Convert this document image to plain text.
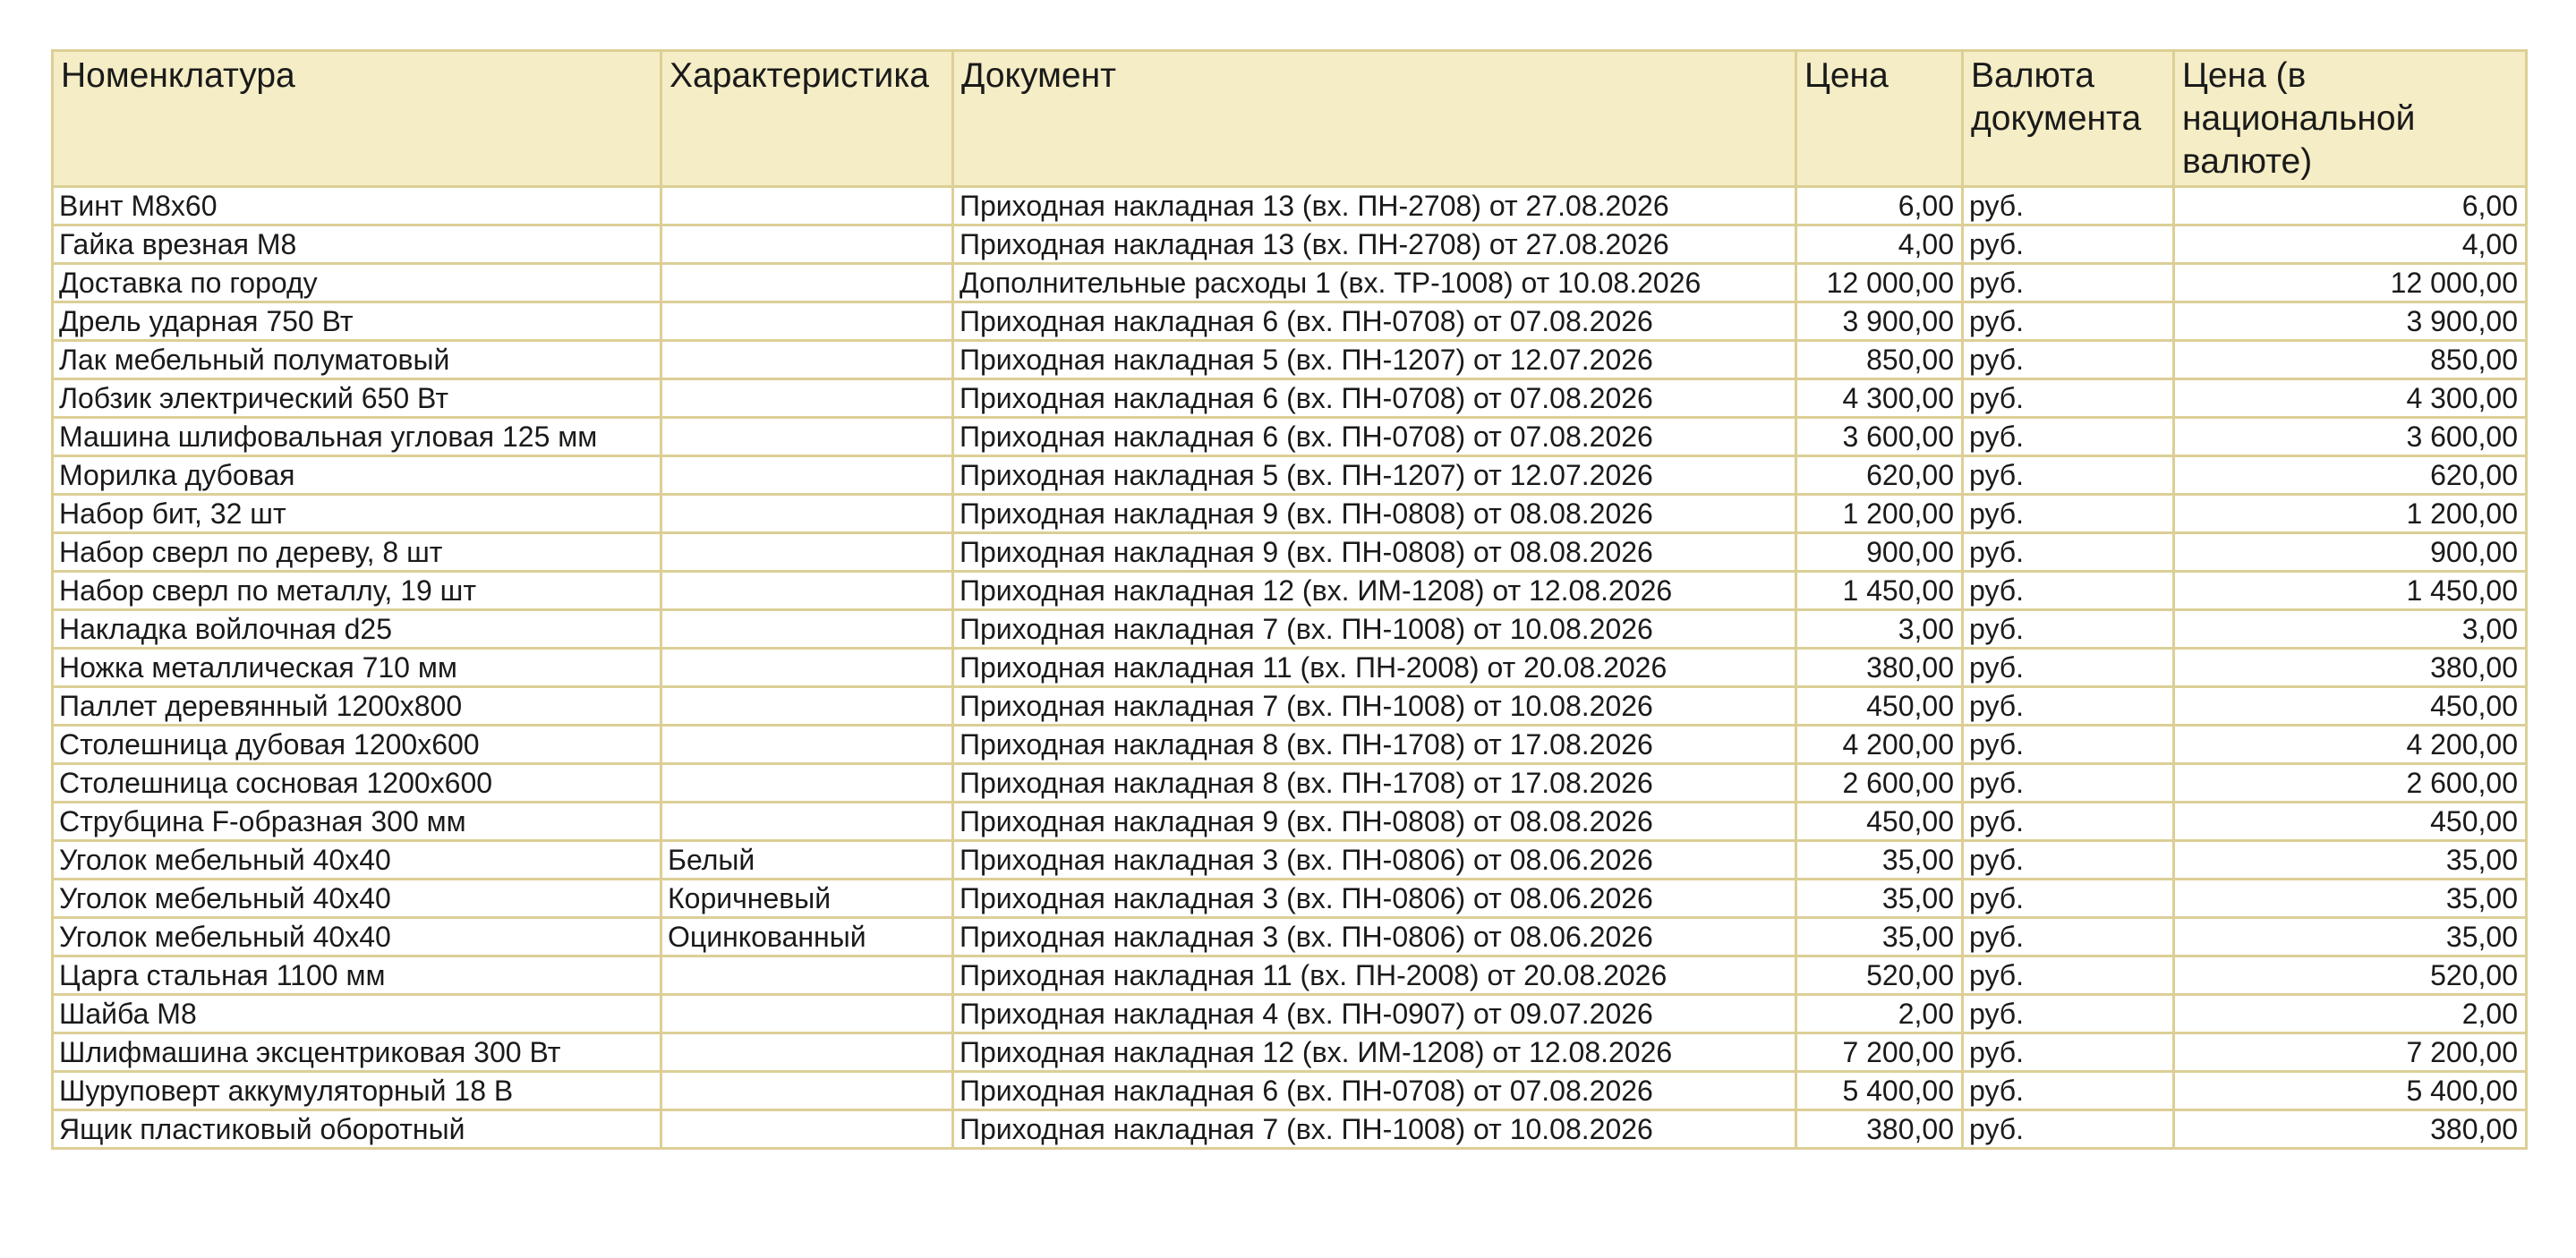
Номенклатура	Характеристика	Документ	Цена	Валюта документа	Цена (в национальной валюте)
Винт М8х60		Приходная накладная 13 (вх. ПН-2708) от 27.08.2026	6,00	руб.	6,00
Гайка врезная М8		Приходная накладная 13 (вх. ПН-2708) от 27.08.2026	4,00	руб.	4,00
Доставка по городу		Дополнительные расходы 1 (вх. ТР-1008) от 10.08.2026	12 000,00	руб.	12 000,00
Дрель ударная 750 Вт		Приходная накладная 6 (вх. ПН-0708) от 07.08.2026	3 900,00	руб.	3 900,00
Лак мебельный полуматовый		Приходная накладная 5 (вх. ПН-1207) от 12.07.2026	850,00	руб.	850,00
Лобзик электрический 650 Вт		Приходная накладная 6 (вх. ПН-0708) от 07.08.2026	4 300,00	руб.	4 300,00
Машина шлифовальная угловая 125 мм		Приходная накладная 6 (вх. ПН-0708) от 07.08.2026	3 600,00	руб.	3 600,00
Морилка дубовая		Приходная накладная 5 (вх. ПН-1207) от 12.07.2026	620,00	руб.	620,00
Набор бит, 32 шт		Приходная накладная 9 (вх. ПН-0808) от 08.08.2026	1 200,00	руб.	1 200,00
Набор сверл по дереву, 8 шт		Приходная накладная 9 (вх. ПН-0808) от 08.08.2026	900,00	руб.	900,00
Набор сверл по металлу, 19 шт		Приходная накладная 12 (вх. ИМ-1208) от 12.08.2026	1 450,00	руб.	1 450,00
Накладка войлочная d25		Приходная накладная 7 (вх. ПН-1008) от 10.08.2026	3,00	руб.	3,00
Ножка металлическая 710 мм		Приходная накладная 11 (вх. ПН-2008) от 20.08.2026	380,00	руб.	380,00
Паллет деревянный 1200х800		Приходная накладная 7 (вх. ПН-1008) от 10.08.2026	450,00	руб.	450,00
Столешница дубовая 1200х600		Приходная накладная 8 (вх. ПН-1708) от 17.08.2026	4 200,00	руб.	4 200,00
Столешница сосновая 1200х600		Приходная накладная 8 (вх. ПН-1708) от 17.08.2026	2 600,00	руб.	2 600,00
Струбцина F-образная 300 мм		Приходная накладная 9 (вх. ПН-0808) от 08.08.2026	450,00	руб.	450,00
Уголок мебельный 40х40	Белый	Приходная накладная 3 (вх. ПН-0806) от 08.06.2026	35,00	руб.	35,00
Уголок мебельный 40х40	Коричневый	Приходная накладная 3 (вх. ПН-0806) от 08.06.2026	35,00	руб.	35,00
Уголок мебельный 40х40	Оцинкованный	Приходная накладная 3 (вх. ПН-0806) от 08.06.2026	35,00	руб.	35,00
Царга стальная 1100 мм		Приходная накладная 11 (вх. ПН-2008) от 20.08.2026	520,00	руб.	520,00
Шайба М8		Приходная накладная 4 (вх. ПН-0907) от 09.07.2026	2,00	руб.	2,00
Шлифмашина эксцентриковая 300 Вт		Приходная накладная 12 (вх. ИМ-1208) от 12.08.2026	7 200,00	руб.	7 200,00
Шуруповерт аккумуляторный 18 В		Приходная накладная 6 (вх. ПН-0708) от 07.08.2026	5 400,00	руб.	5 400,00
Ящик пластиковый оборотный		Приходная накладная 7 (вх. ПН-1008) от 10.08.2026	380,00	руб.	380,00
